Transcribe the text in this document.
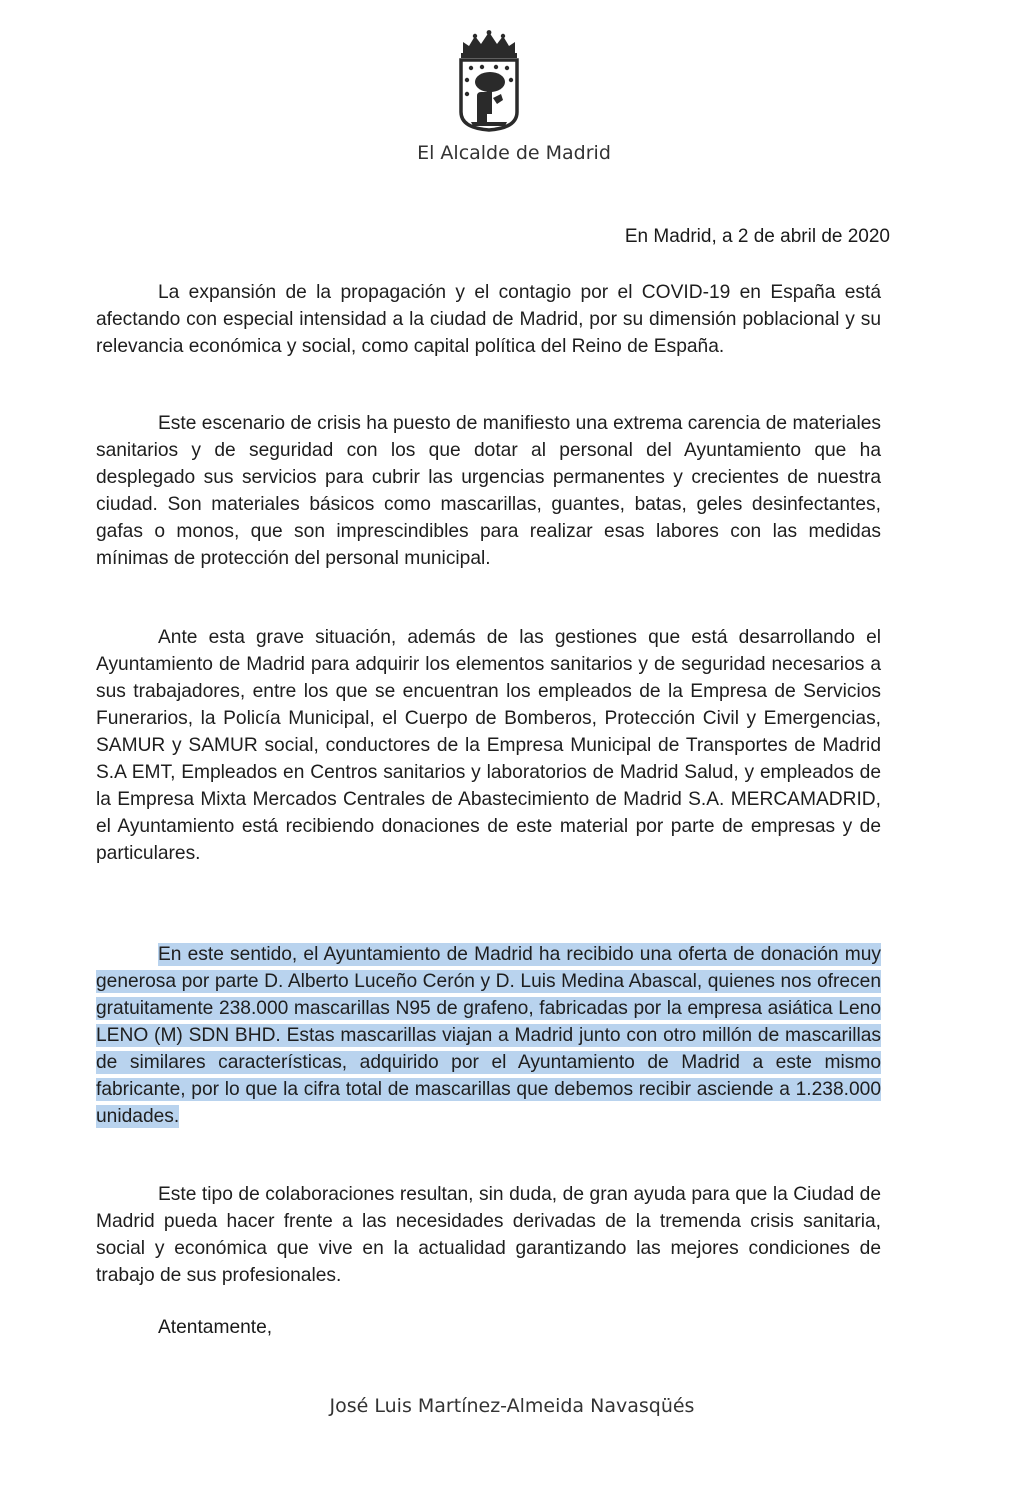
El Alcalde de Madrid
En Madrid, a 2 de abril de 2020

La expansión de la propagación y el contagio por el COVID-19 en España está afectando con especial intensidad a la ciudad de Madrid, por su dimensión poblacional y su relevancia económica y social, como capital política del Reino de España.

Este escenario de crisis ha puesto de manifiesto una extrema carencia de materiales sanitarios y de seguridad con los que dotar al personal del Ayuntamiento que ha desplegado sus servicios para cubrir las urgencias permanentes y crecientes de nuestra ciudad. Son materiales básicos como mascarillas, guantes, batas, geles desinfectantes, gafas o monos, que son imprescindibles para realizar esas labores con las medidas mínimas de protección del personal municipal.

Ante esta grave situación, además de las gestiones que está desarrollando el Ayuntamiento de Madrid para adquirir los elementos sanitarios y de seguridad necesarios a sus trabajadores, entre los que se encuentran los empleados de la Empresa de Servicios Funerarios, la Policía Municipal, el Cuerpo de Bomberos, Protección Civil y Emergencias, SAMUR y SAMUR social, conductores de la Empresa Municipal de Transportes de Madrid S.A EMT, Empleados en Centros sanitarios y laboratorios de Madrid Salud, y empleados de la Empresa Mixta Mercados Centrales de Abastecimiento de Madrid S.A. MERCAMADRID, el Ayuntamiento está recibiendo donaciones de este material por parte de empresas y de particulares.

En este sentido, el Ayuntamiento de Madrid ha recibido una oferta de donación muy generosa por parte D. Alberto Luceño Cerón y D. Luis Medina Abascal, quienes nos ofrecen gratuitamente 238.000 mascarillas N95 de grafeno, fabricadas por la empresa asiática Leno LENO (M) SDN BHD. Estas mascarillas viajan a Madrid junto con otro millón de mascarillas de similares características, adquirido por el Ayuntamiento de Madrid a este mismo fabricante, por lo que la cifra total de mascarillas que debemos recibir asciende a 1.238.000 unidades.

Este tipo de colaboraciones resultan, sin duda, de gran ayuda para que la Ciudad de Madrid pueda hacer frente a las necesidades derivadas de la tremenda crisis sanitaria, social y económica que vive en la actualidad garantizando las mejores condiciones de trabajo de sus profesionales.

Atentamente,
José Luis Martínez-Almeida Navasqüés
